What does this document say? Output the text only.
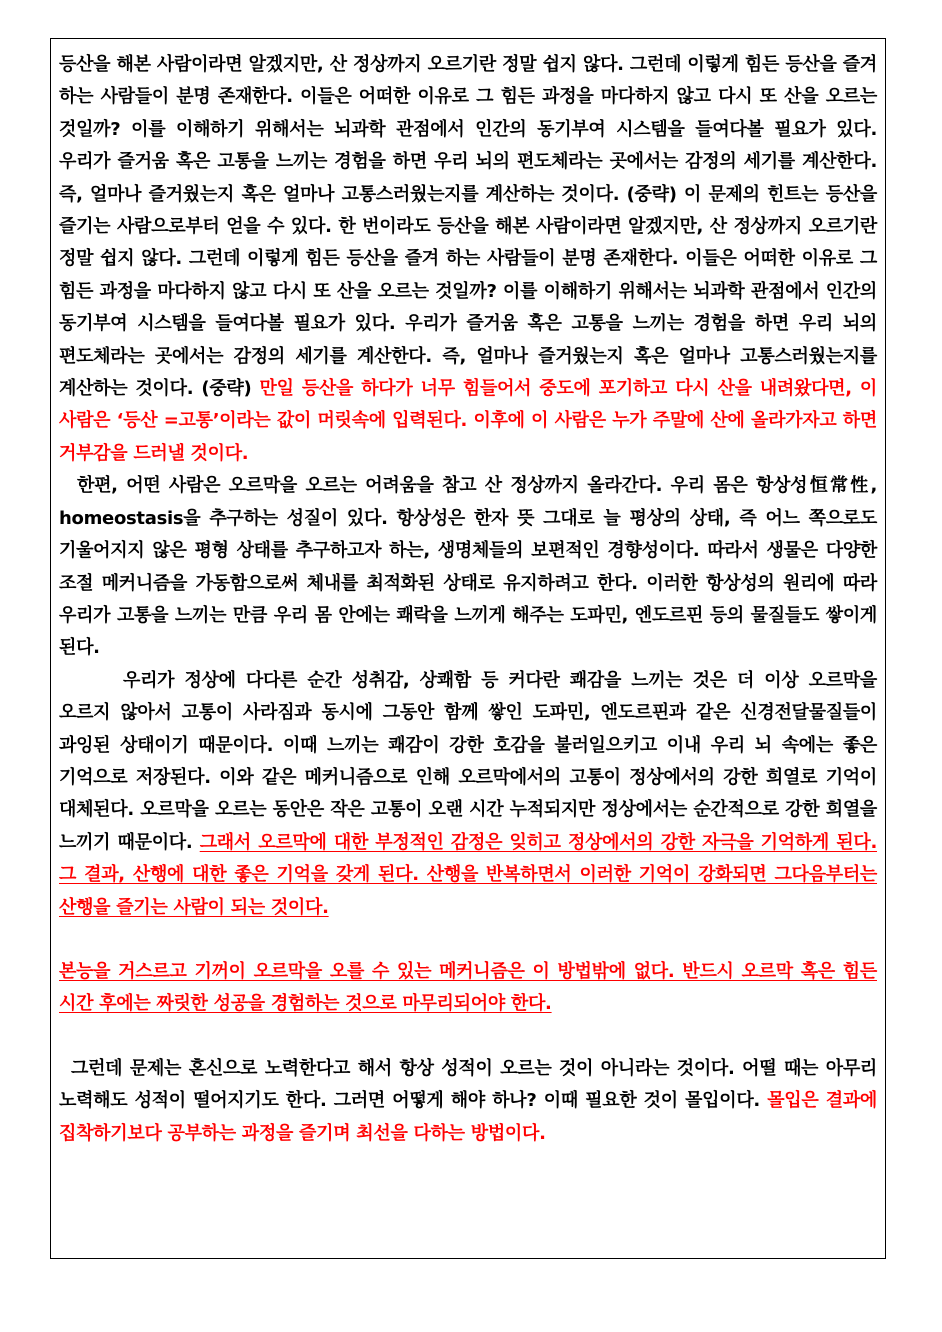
등산을 해본 사람이라면 알겠지만, 산 정상까지 오르기란 정말 쉽지 않다. 그런데 이렇게 힘든 등산을 즐겨 하는 사람들이 분명 존재한다. 이들은 어떠한 이유로 그 힘든 과정을 마다하지 않고 다시 또 산을 오르는 것일까? 이를 이해하기 위해서는 뇌과학 관점에서 인간의 동기부여 시스템을 들여다볼 필요가 있다. 우리가 즐거움 혹은 고통을 느끼는 경험을 하면 우리 뇌의 편도체라는 곳에서는 감정의 세기를 계산한다. 즉, 얼마나 즐거웠는지 혹은 얼마나 고통스러웠는지를 계산하는 것이다. (중략) 이 문제의 힌트는 등산을 즐기는 사람으로부터 얻을 수 있다. 한 번이라도 등산을 해본 사람이라면 알겠지만, 산 정상까지 오르기란 정말 쉽지 않다. 그런데 이렇게 힘든 등산을 즐겨 하는 사람들이 분명 존재한다. 이들은 어떠한 이유로 그 힘든 과정을 마다하지 않고 다시 또 산을 오르는 것일까? 이를 이해하기 위해서는 뇌과학 관점에서 인간의 동기부여 시스템을 들여다볼 필요가 있다. 우리가 즐거움 혹은 고통을 느끼는 경험을 하면 우리 뇌의 편도체라는 곳에서는 감정의 세기를 계산한다. 즉, 얼마나 즐거웠는지 혹은 얼마나 고통스러웠는지를 계산하는 것이다. (중략) 만일 등산을 하다가 너무 힘들어서 중도에 포기하고 다시 산을 내려왔다면, 이 사람은 ‘등산 =고통’이라는 값이 머릿속에 입력된다. 이후에 이 사람은 누가 주말에 산에 올라가자고 하면 거부감을 드러낼 것이다.

한편, 어떤 사람은 오르막을 오르는 어려움을 참고 산 정상까지 올라간다. 우리 몸은 항상성恒常性, homeostasis을 추구하는 성질이 있다. 항상성은 한자 뜻 그대로 늘 평상의 상태, 즉 어느 쪽으로도 기울어지지 않은 평형 상태를 추구하고자 하는, 생명체들의 보편적인 경향성이다. 따라서 생물은 다양한 조절 메커니즘을 가동함으로써 체내를 최적화된 상태로 유지하려고 한다. 이러한 항상성의 원리에 따라 우리가 고통을 느끼는 만큼 우리 몸 안에는 쾌락을 느끼게 해주는 도파민, 엔도르핀 등의 물질들도 쌓이게 된다.

우리가 정상에 다다른 순간 성취감, 상쾌함 등 커다란 쾌감을 느끼는 것은 더 이상 오르막을 오르지 않아서 고통이 사라짐과 동시에 그동안 함께 쌓인 도파민, 엔도르핀과 같은 신경전달물질들이 과잉된 상태이기 때문이다. 이때 느끼는 쾌감이 강한 호감을 불러일으키고 이내 우리 뇌 속에는 좋은 기억으로 저장된다. 이와 같은 메커니즘으로 인해 오르막에서의 고통이 정상에서의 강한 희열로 기억이 대체된다. 오르막을 오르는 동안은 작은 고통이 오랜 시간 누적되지만 정상에서는 순간적으로 강한 희열을 느끼기 때문이다. 그래서 오르막에 대한 부정적인 감정은 잊히고 정상에서의 강한 자극을 기억하게 된다. 그 결과, 산행에 대한 좋은 기억을 갖게 된다. 산행을 반복하면서 이러한 기억이 강화되면 그다음부터는 산행을 즐기는 사람이 되는 것이다.

본능을 거스르고 기꺼이 오르막을 오를 수 있는 메커니즘은 이 방법밖에 없다. 반드시 오르막 혹은 힘든 시간 후에는 짜릿한 성공을 경험하는 것으로 마무리되어야 한다.

그런데 문제는 혼신으로 노력한다고 해서 항상 성적이 오르는 것이 아니라는 것이다. 어떨 때는 아무리 노력해도 성적이 떨어지기도 한다. 그러면 어떻게 해야 하나? 이때 필요한 것이 몰입이다. 몰입은 결과에 집착하기보다 공부하는 과정을 즐기며 최선을 다하는 방법이다.
